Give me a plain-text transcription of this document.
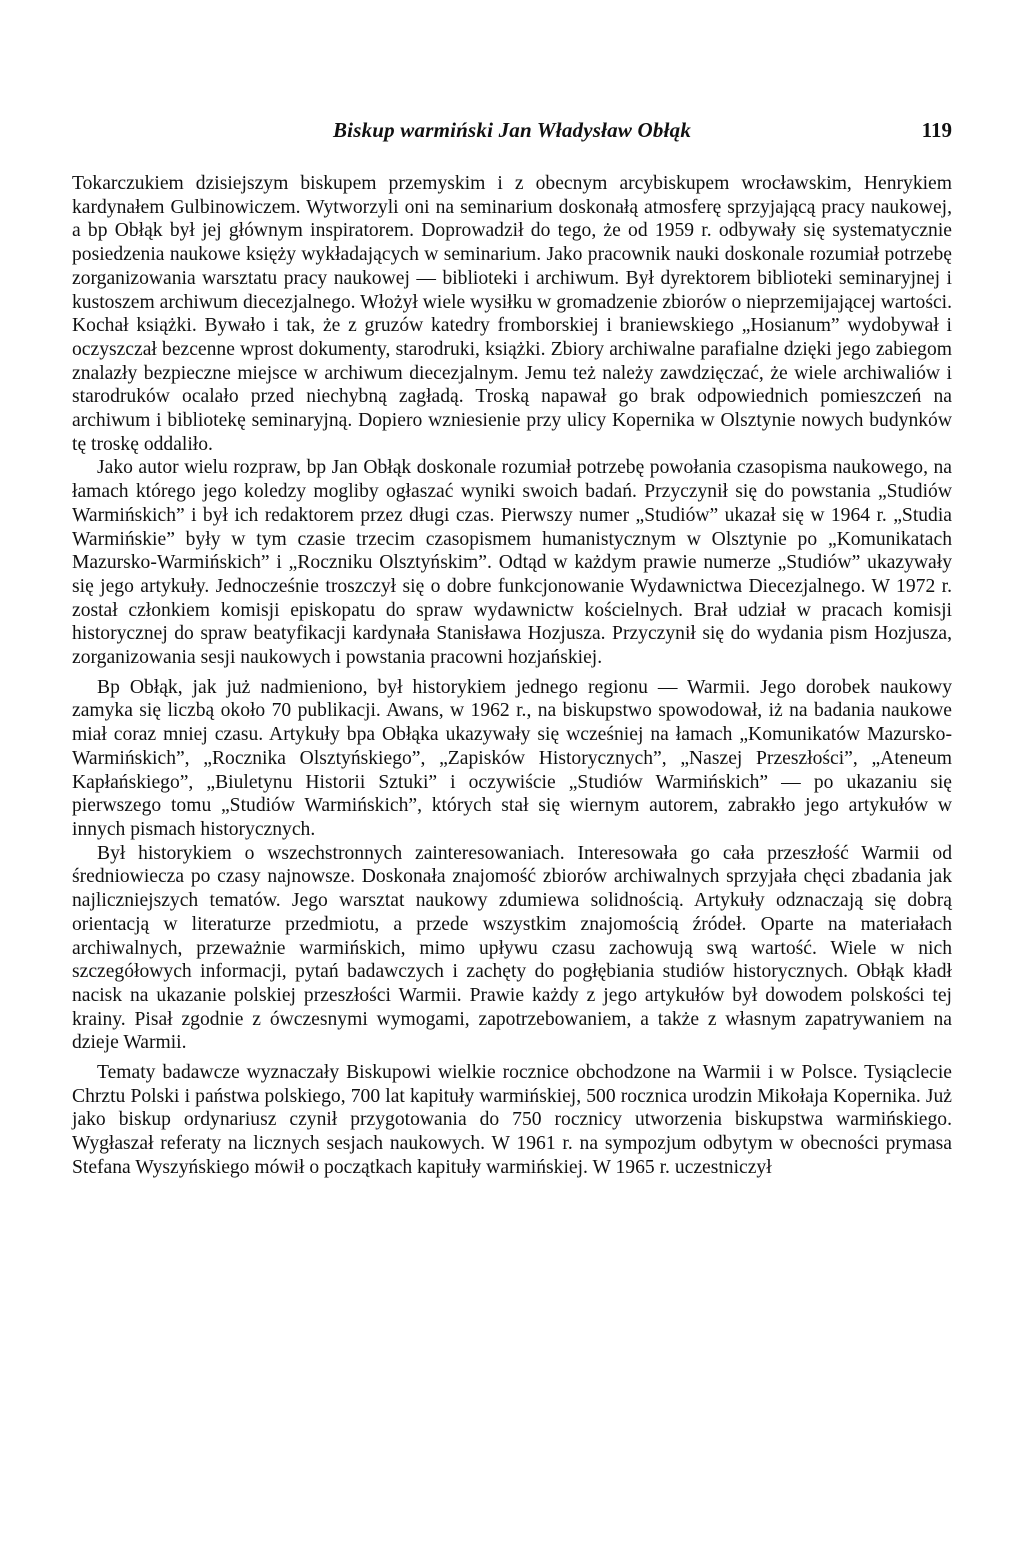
Biskup warmiński Jan Władysław Obłąk	119

Tokarczukiem dzisiejszym biskupem przemyskim i z obecnym arcybiskupem wrocławskim, Henrykiem kardynałem Gulbinowiczem. Wytworzyli oni na seminarium doskonałą atmosferę sprzyjającą pracy naukowej, a bp Obłąk był jej głównym inspiratorem. Doprowadził do tego, że od 1959 r. odbywały się systematycznie posiedzenia naukowe księży wykładających w seminarium. Jako pracownik nauki doskonale rozumiał potrzebę zorganizowania warsztatu pracy naukowej — biblioteki i archiwum. Był dyrektorem biblioteki seminaryjnej i kustoszem archiwum diecezjalnego. Włożył wiele wysiłku w gromadzenie zbiorów o nieprzemijającej wartości. Kochał książki. Bywało i tak, że z gruzów katedry fromborskiej i braniewskiego „Hosianum” wydobywał i oczyszczał bezcenne wprost dokumenty, starodruki, książki. Zbiory archiwalne parafialne dzięki jego zabiegom znalazły bezpieczne miejsce w archiwum diecezjalnym. Jemu też należy zawdzięczać, że wiele archiwaliów i starodruków ocalało przed niechybną zagładą. Troską napawał go brak odpowiednich pomieszczeń na archiwum i bibliotekę seminaryjną. Dopiero wzniesienie przy ulicy Kopernika w Olsztynie nowych budynków tę troskę oddaliło.

Jako autor wielu rozpraw, bp Jan Obłąk doskonale rozumiał potrzebę powołania czasopisma naukowego, na łamach którego jego koledzy mogliby ogłaszać wyniki swoich badań. Przyczynił się do powstania „Studiów Warmińskich” i był ich redaktorem przez długi czas. Pierwszy numer „Studiów” ukazał się w 1964 r. „Studia Warmińskie” były w tym czasie trzecim czasopismem humanistycznym w Olsztynie po „Komunikatach Mazursko-Warmińskich” i „Roczniku Olsztyńskim”. Odtąd w każdym prawie numerze „Studiów” ukazywały się jego artykuły. Jednocześnie troszczył się o dobre funkcjonowanie Wydawnictwa Diecezjalnego. W 1972 r. został członkiem komisji episkopatu do spraw wydawnictw kościelnych. Brał udział w pracach komisji historycznej do spraw beatyfikacji kardynała Stanisława Hozjusza. Przyczynił się do wydania pism Hozjusza, zorganizowania sesji naukowych i powstania pracowni hozjańskiej.

Bp Obłąk, jak już nadmieniono, był historykiem jednego regionu — Warmii. Jego dorobek naukowy zamyka się liczbą około 70 publikacji. Awans, w 1962 r., na biskupstwo spowodował, iż na badania naukowe miał coraz mniej czasu. Artykuły bpa Obłąka ukazywały się wcześniej na łamach „Komunikatów Mazursko-Warmińskich”, „Rocznika Olsztyńskiego”, „Zapisków Historycznych”, „Naszej Przeszłości”, „Ateneum Kapłańskiego”, „Biuletynu Historii Sztuki” i oczywiście „Studiów Warmińskich” — po ukazaniu się pierwszego tomu „Studiów Warmińskich”, których stał się wiernym autorem, zabrakło jego artykułów w innych pismach historycznych.

Był historykiem o wszechstronnych zainteresowaniach. Interesowała go cała przeszłość Warmii od średniowiecza po czasy najnowsze. Doskonała znajomość zbiorów archiwalnych sprzyjała chęci zbadania jak najliczniejszych tematów. Jego warsztat naukowy zdumiewa solidnością. Artykuły odznaczają się dobrą orientacją w literaturze przedmiotu, a przede wszystkim znajomością źródeł. Oparte na materiałach archiwalnych, przeważnie warmińskich, mimo upływu czasu zachowują swą wartość. Wiele w nich szczegółowych informacji, pytań badawczych i zachęty do pogłębiania studiów historycznych. Obłąk kładł nacisk na ukazanie polskiej przeszłości Warmii. Prawie każdy z jego artykułów był dowodem polskości tej krainy. Pisał zgodnie z ówczesnymi wymogami, zapotrzebowaniem, a także z własnym zapatrywaniem na dzieje Warmii.

Tematy badawcze wyznaczały Biskupowi wielkie rocznice obchodzone na Warmii i w Polsce. Tysiąclecie Chrztu Polski i państwa polskiego, 700 lat kapituły warmińskiej, 500 rocznica urodzin Mikołaja Kopernika. Już jako biskup ordynariusz czynił przygotowania do 750 rocznicy utworzenia biskupstwa warmińskiego. Wygłaszał referaty na licznych sesjach naukowych. W 1961 r. na sympozjum odbytym w obecności prymasa Stefana Wyszyńskiego mówił o początkach kapituły warmińskiej. W 1965 r. uczestniczył
